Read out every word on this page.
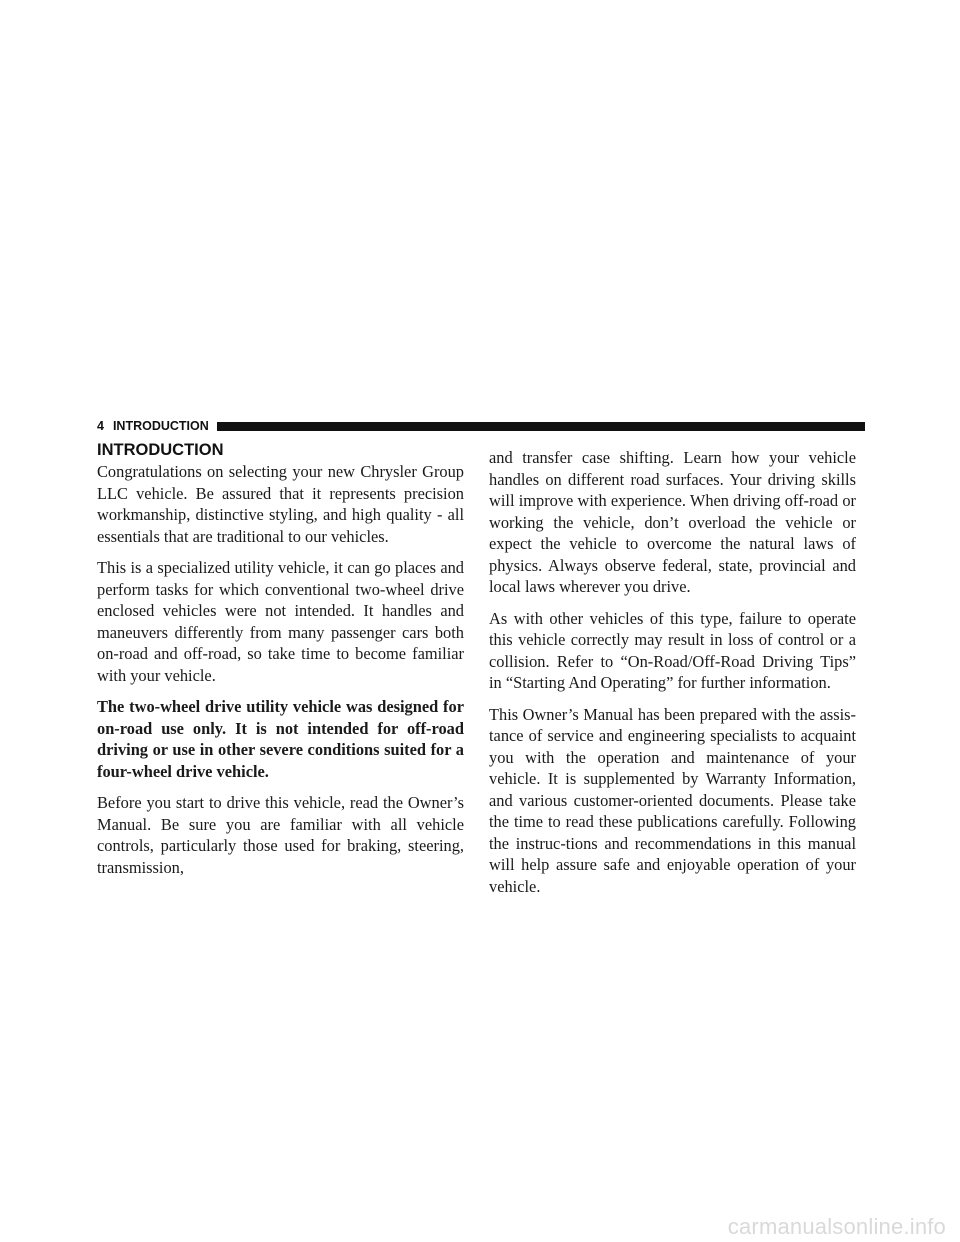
4 INTRODUCTION
INTRODUCTION

Congratulations on selecting your new Chrysler Group LLC vehicle. Be assured that it represents precision workmanship, distinctive styling, and high quality - all essentials that are traditional to our vehicles.

This is a specialized utility vehicle, it can go places and perform tasks for which conventional two-wheel drive enclosed vehicles were not intended. It handles and maneuvers differently from many passenger cars both on-road and off-road, so take time to become familiar with your vehicle.

The two-wheel drive utility vehicle was designed for on-road use only. It is not intended for off-road driving or use in other severe conditions suited for a four-wheel drive vehicle.

Before you start to drive this vehicle, read the Owner’s Manual. Be sure you are familiar with all vehicle controls, particularly those used for braking, steering, transmission,

and transfer case shifting. Learn how your vehicle handles on different road surfaces. Your driving skills will improve with experience. When driving off-road or working the vehicle, don’t overload the vehicle or expect the vehicle to overcome the natural laws of physics. Always observe federal, state, provincial and local laws wherever you drive.

As with other vehicles of this type, failure to operate this vehicle correctly may result in loss of control or a collision. Refer to “On-Road/Off-Road Driving Tips” in “Starting And Operating” for further information.

This Owner’s Manual has been prepared with the assis-tance of service and engineering specialists to acquaint you with the operation and maintenance of your vehicle. It is supplemented by Warranty Information, and various customer-oriented documents. Please take the time to read these publications carefully. Following the instruc-tions and recommendations in this manual will help assure safe and enjoyable operation of your vehicle.

carmanualsonline.info
